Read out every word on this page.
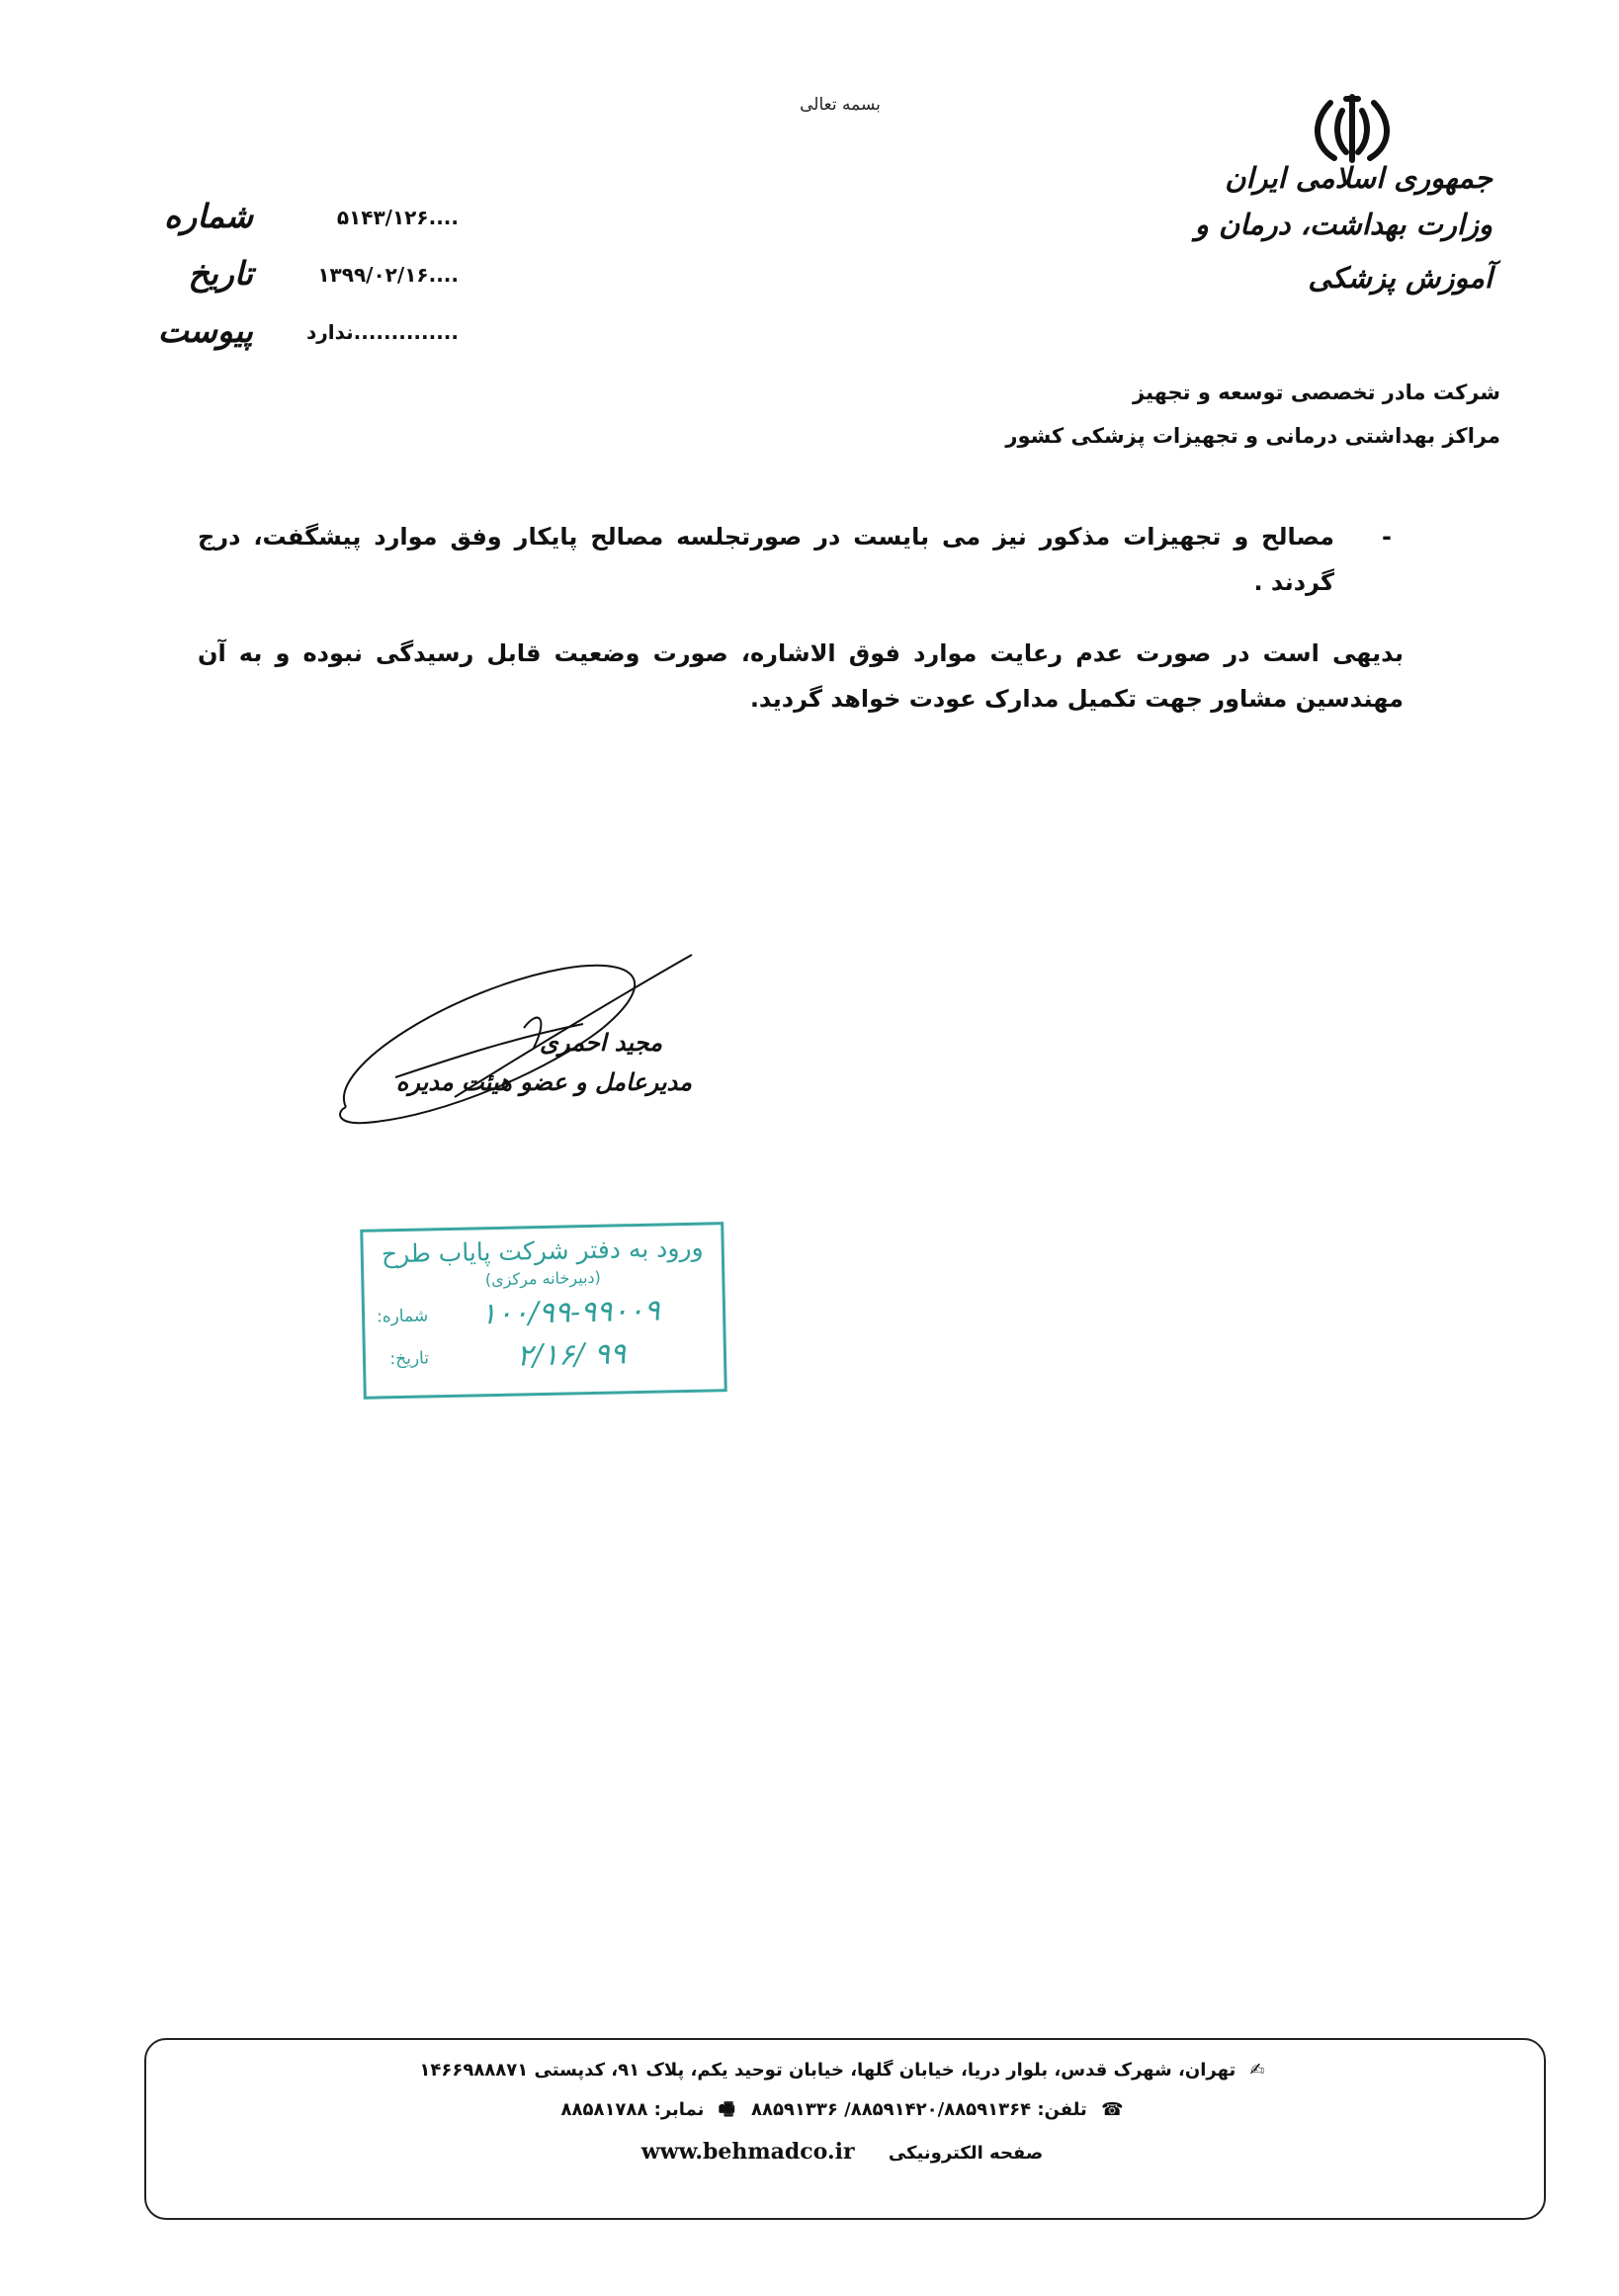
بسمه تعالی
جمهوری اسلامی ایران
وزارت بهداشت، درمان و آموزش پزشکی
شرکت مادر تخصصی توسعه و تجهیز
مراکز بهداشتی درمانی و تجهیزات پزشکی کشور
شماره	....۵۱۴۳/۱۲۶
تاریخ	....۱۳۹۹/۰۲/۱۶
پیوست	..............ندارد
-
مصالح و تجهیزات مذکور نیز می بایست در صورتجلسه مصالح پایکار وفق موارد پیشگفت، درج گردند .
بدیهی است در صورت عدم رعایت موارد فوق الاشاره، صورت وضعیت قابل رسیدگی نبوده و به آن مهندسین مشاور جهت تکمیل مدارک عودت خواهد گردید.
مجید احمری
مدیرعامل و عضو هیئت مدیره
ورود به دفتر شرکت پایاب طرح
(دبیرخانه مرکزی)
شماره:	۱۰۰/۹۹-۹۹۰۰۹
تاریخ:	۹۹ /۲/۱۶
✍ تهران، شهرک قدس، بلوار دریا، خیابان گلها، خیابان توحید یکم، پلاک ۹۱، کدپستی ۱۴۶۶۹۸۸۸۷۱
☎ تلفن: ۸۸۵۹۱۴۲۰/۸۸۵۹۱۳۶۴/ ۸۸۵۹۱۳۳۶ 🖷 نمابر: ۸۸۵۸۱۷۸۸
صفحه الکترونیکی www.behmadco.ir
